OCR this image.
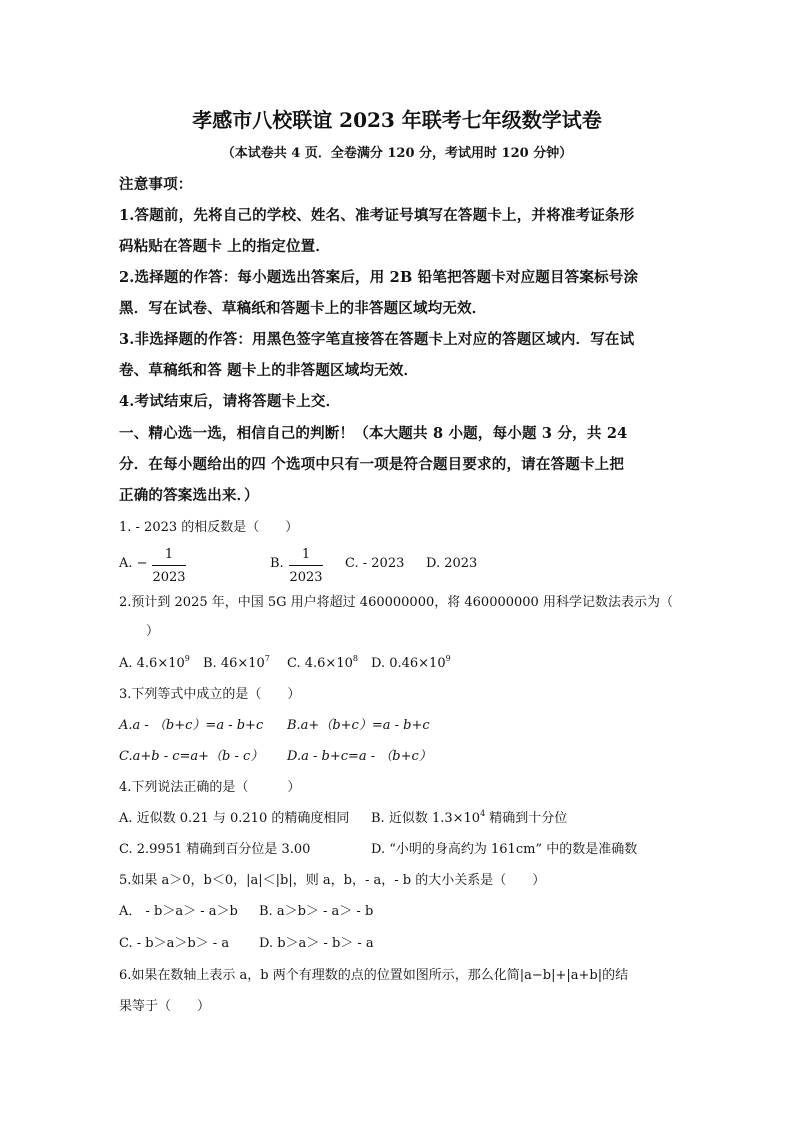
孝感市八校联谊 2023 年联考七年级数学试卷
（本试卷共 4 页．全卷满分 120 分，考试用时 120 分钟）
注意事项：
1.答题前，先将自己的学校、姓名、准考证号填写在答题卡上，并将准考证条形
码粘贴在答题卡 上的指定位置．
2.选择题的作答：每小题选出答案后，用 2B 铅笔把答题卡对应题目答案标号涂
黑．写在试卷、草稿纸和答题卡上的非答题区域均无效．
3.非选择题的作答：用黑色签字笔直接答在答题卡上对应的答题区域内．写在试
卷、草稿纸和答 题卡上的非答题区域均无效．
4.考试结束后，请将答题卡上交．
一、精心选一选，相信自己的判断！（本大题共 8 小题，每小题 3 分，共 24
分．在每小题给出的四 个选项中只有一项是符合题目要求的，请在答题卡上把
正确的答案选出来．）
1. - 2023 的相反数是（　　）
A. −
1
2023
B.
1
2023
C. - 2023 D. 2023
2.预计到 2025 年，中国 5G 用户将超过 460000000，将 460000000 用科学记数法表示为（
）
A. $4.6\times 10^9$ B. $46\times 10^7$ C. $4.6\times 10^8$ D. $0.46\times 10^9$
3.下列等式中成立的是（　　）
A.a - （b+c）=a - b+c B.a+（b+c）=a - b+c
C.a+b - c=a+（b - c） D.a - b+c=a - （b+c）
4.下列说法正确的是（　　　）
A. 近似数 0.21 与 0.210 的精确度相同 B. 近似数 $1.3\times 10^4$ 精确到十分位
C. 2.9951 精确到百分位是 3.00	D. “小明的身高约为 161cm” 中的数是准确数
5.如果 a＞0，b＜0，|a|＜|b|，则 a，b，- a，- b 的大小关系是（　　）
A． - b＞a＞ - a＞b B. a＞b＞ - a＞ - b
C. - b＞a＞b＞ - a D. b＞a＞ - b＞ - a
6.如果在数轴上表示 a，b 两个有理数的点的位置如图所示，那么化简|a−b|+|a+b|的结
果等于（　　）
